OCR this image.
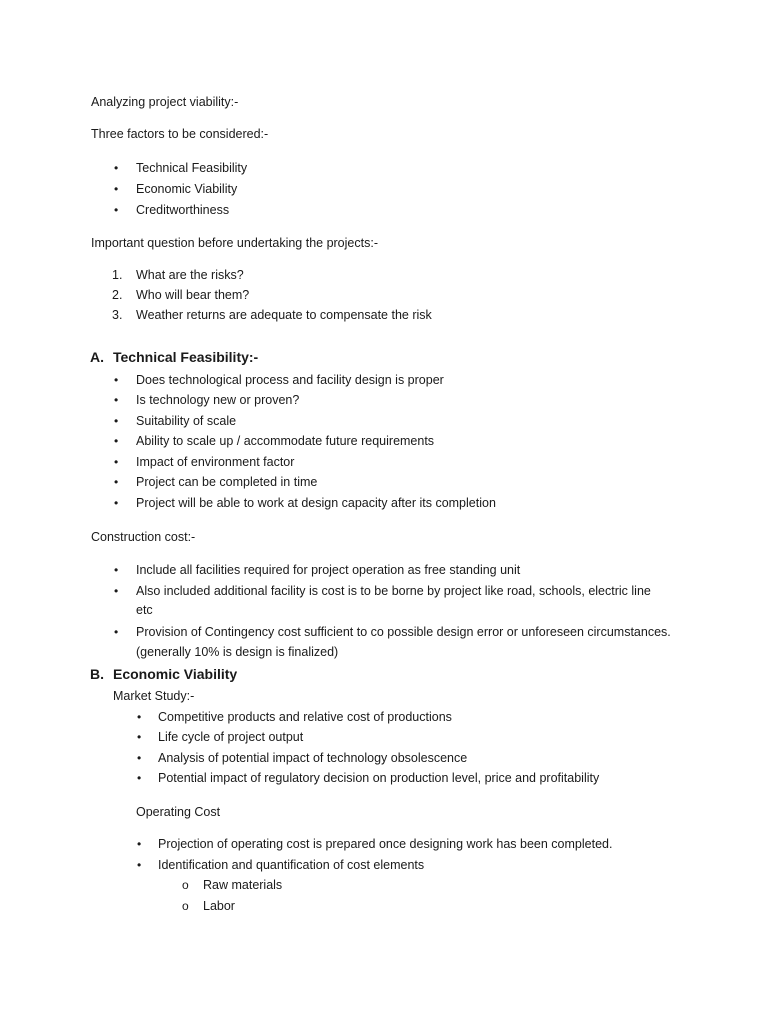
Analyzing project viability:-
Three factors to be considered:-
• Technical Feasibility
• Economic Viability
• Creditworthiness
Important question before undertaking the projects:-
1. What are the risks?
2. Who will bear them?
3. Weather returns are adequate to compensate the risk
A. Technical Feasibility:-
• Does technological process and facility design is proper
• Is technology new or proven?
• Suitability of scale
• Ability to scale up / accommodate future requirements
• Impact of environment factor
• Project can be completed in time
• Project will be able to work at design capacity after its completion
Construction cost:-
• Include all facilities required for project operation as free standing unit
• Also included additional facility is cost is to be borne by project like road, schools, electric line
etc
• Provision of Contingency cost sufficient to co possible design error or unforeseen circumstances.
(generally 10% is design is finalized)
B. Economic Viability
Market Study:-
• Competitive products and relative cost of productions
• Life cycle of project output
• Analysis of potential impact of technology obsolescence
• Potential impact of regulatory decision on production level, price and profitability
Operating Cost
• Projection of operating cost is prepared once designing work has been completed.
• Identification and quantification of cost elements
o Raw materials
o Labor
